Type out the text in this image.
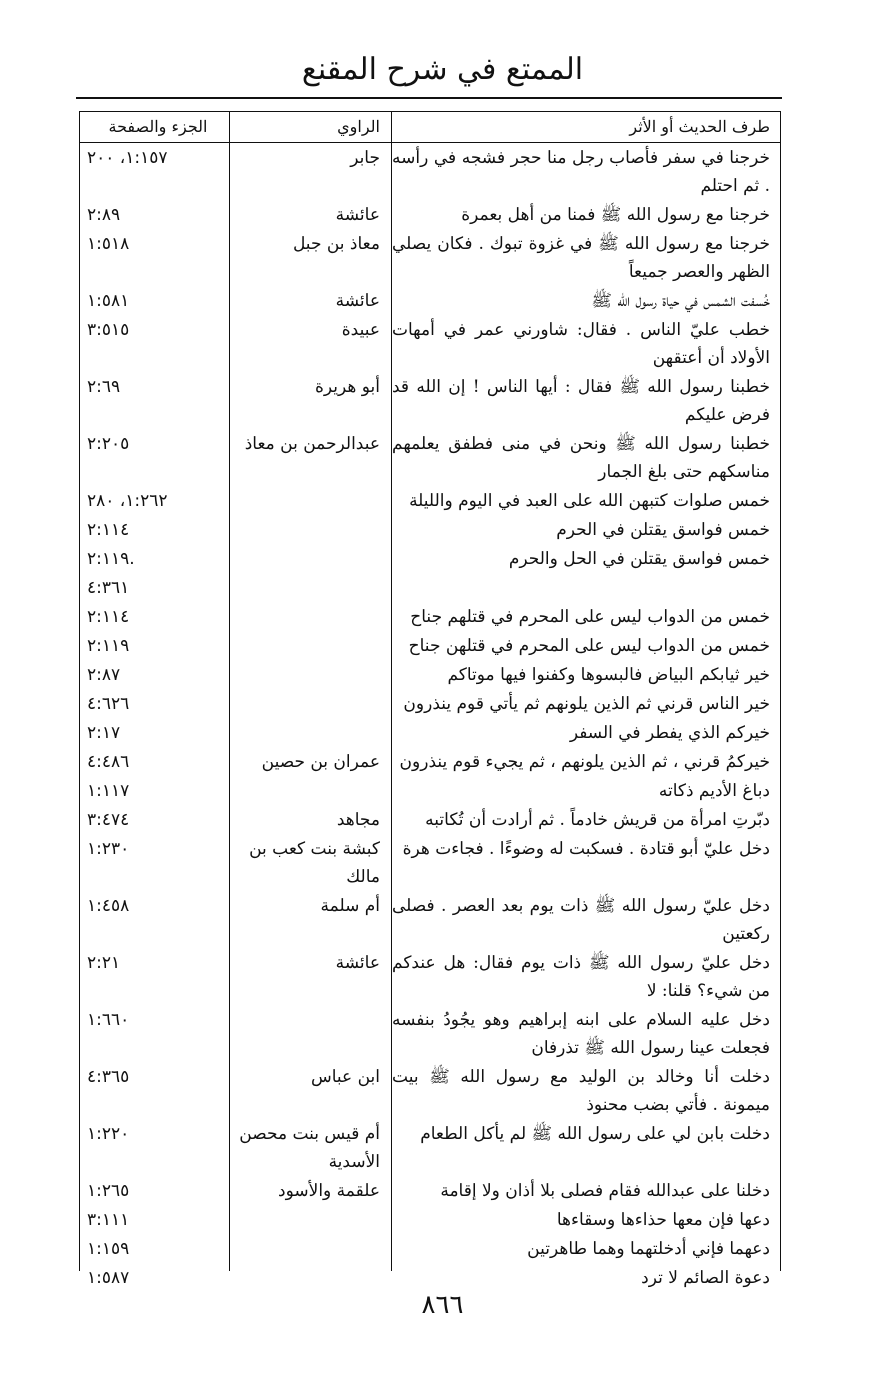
الممتع في شرح المقنع
طرف الحديث أو الأثر
الراوي
الجزء والصفحة
خرجنا في سفر فأصاب رجل منا حجر فشجه في رأسه . ثم احتلم
جابر
١:١٥٧، ٢٠٠
خرجنا مع رسول الله ﷺ فمنا من أهل بعمرة
عائشة
٢:٨٩
خرجنا مع رسول الله ﷺ في غزوة تبوك . فكان يصلي الظهر والعصر جميعاً
معاذ بن جبل
١:٥١٨
خُسفت الشمس في حياة رسول الله ﷺ
عائشة
١:٥٨١
خطب عليّ الناس . فقال: شاورني عمر في أمهات الأولاد أن أعتقهن
عبيدة
٣:٥١٥
خطبنا رسول الله ﷺ فقال : أيها الناس ! إن الله قد فرض عليكم
أبو هريرة
٢:٦٩
خطبنا رسول الله ﷺ ونحن في منى فطفق يعلمهم مناسكهم حتى بلغ الجمار
عبدالرحمن بن معاذ
٢:٢٠٥
خمس صلوات كتبهن الله على العبد في اليوم والليلة
١:٢٦٢، ٢٨٠
خمس فواسق يقتلن في الحرم
٢:١١٤
خمس فواسق يقتلن في الحل والحرم
٢:١١٩.
٤:٣٦١
خمس من الدواب ليس على المحرم في قتلهم جناح
٢:١١٤
خمس من الدواب ليس على المحرم في قتلهن جناح
٢:١١٩
خير ثيابكم البياض فالبسوها وكفنوا فيها موتاكم
٢:٨٧
خير الناس قرني ثم الذين يلونهم ثم يأتي قوم ينذرون
٤:٦٢٦
خيركم الذي يفطر في السفر
٢:١٧
خيركمُ قرني ، ثم الذين يلونهم ، ثم يجيء قوم ينذرون
عمران بن حصين
٤:٤٨٦
دباغ الأديم ذكاته
١:١١٧
دبّرتِ امرأة من قريش خادماً . ثم أرادت أن تُكاتبه
مجاهد
٣:٤٧٤
دخل عليّ أبو قتادة . فسكبت له وضوءًا . فجاءت هرة
كبشة بنت كعب بن مالك
١:٢٣٠
دخل عليّ رسول الله ﷺ ذات يوم بعد العصر . فصلى ركعتين
أم سلمة
١:٤٥٨
دخل عليّ رسول الله ﷺ ذات يوم فقال: هل عندكم من شيء؟ قلنا: لا
عائشة
٢:٢١
دخل عليه السلام على ابنه إبراهيم وهو يجُودُ بنفسه فجعلت عينا رسول الله ﷺ تذرفان
١:٦٦٠
دخلت أنا وخالد بن الوليد مع رسول الله ﷺ بيت ميمونة . فأتي بضب محنوذ
ابن عباس
٤:٣٦٥
دخلت بابن لي على رسول الله ﷺ لم يأكل الطعام
أم قيس بنت محصن الأسدية
١:٢٢٠
دخلنا على عبدالله فقام فصلى بلا أذان ولا إقامة
علقمة والأسود
١:٢٦٥
دعها فإن معها حذاءها وسقاءها
٣:١١١
دعهما فإني أدخلتهما وهما طاهرتين
١:١٥٩
دعوة الصائم لا ترد
١:٥٨٧
٨٦٦
